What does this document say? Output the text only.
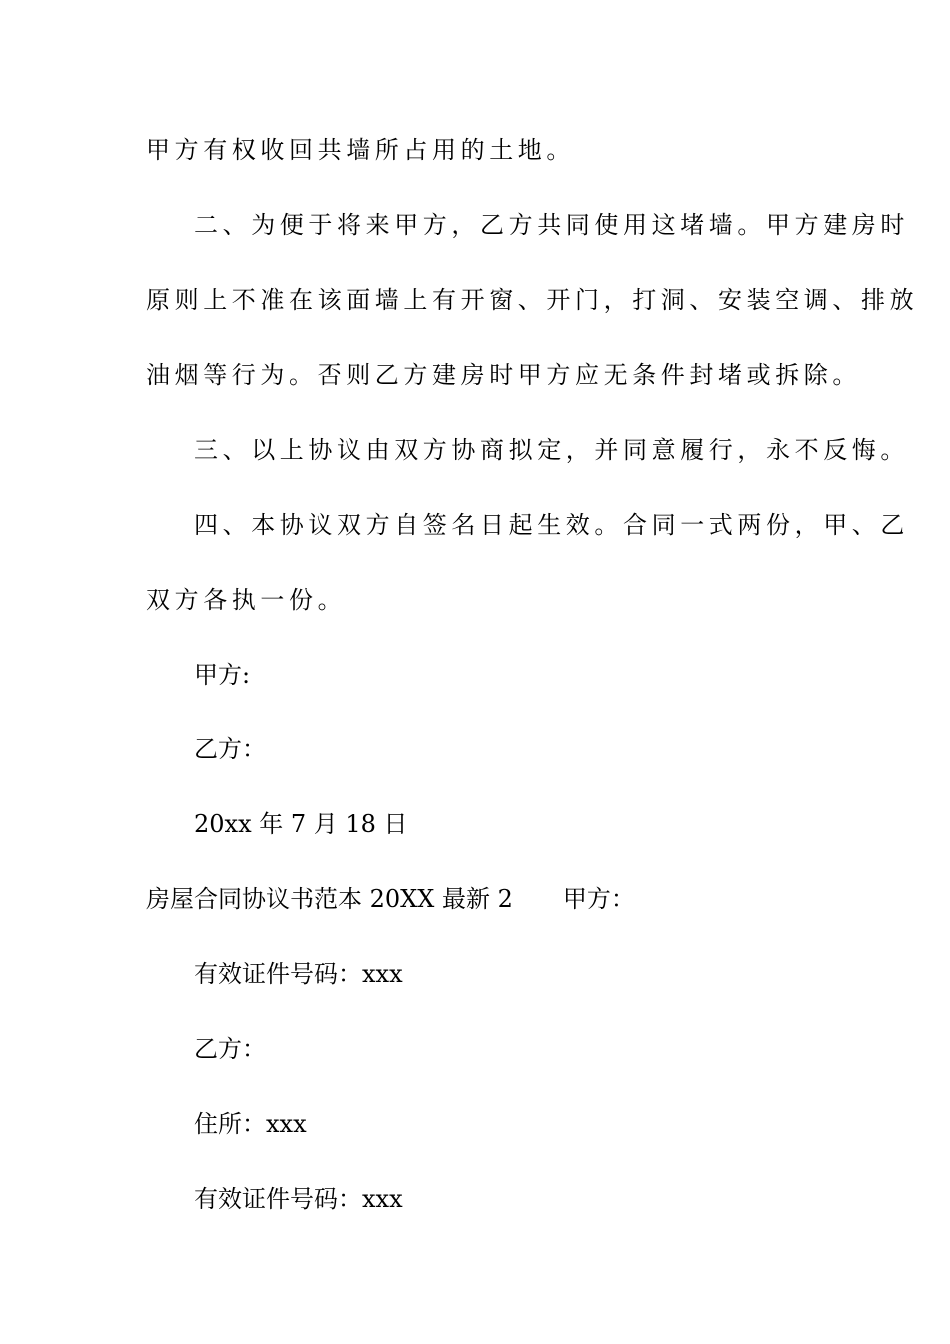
甲方有权收回共墙所占用的土地。
二、为便于将来甲方，乙方共同使用这堵墙。甲方建房时
原则上不准在该面墙上有开窗、开门，打洞、安装空调、排放
油烟等行为。否则乙方建房时甲方应无条件封堵或拆除。
三、以上协议由双方协商拟定，并同意履行，永不反悔。
四、本协议双方自签名日起生效。合同一式两份，甲、乙
双方各执一份。
甲方:
乙方：
20xx 年 7 月 18 日
房屋合同协议书范本 20XX 最新 2 甲方：
有效证件号码：xxx
乙方：
住所：xxx
有效证件号码：xxx
